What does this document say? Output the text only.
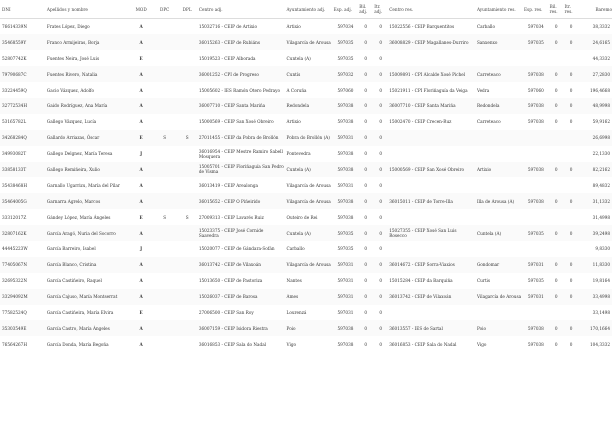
DNI	Apellidos y nombre	MOD	DPC	DPL	Centro adj.	Ayuntamiento adj.	Esp. adj.	Bil. adj.	Itr. adj.	Centro res.	Ayuntamiento res.	Esp. res.	Bil. res.	Itr. res.	Baremo
76614339N	Frates López, Diego	A			15032716 - CEIP de Artixio	Artixio	597034	0	0	15022556 - CEIP Barquentitos	Carballo	597034	0	0	38,3332
35468559Y	Franco Armijeiras, Borja	A			36015263 - CEIP de Rubiáns	Vilagarcía de Arousa	597035	0	0	36008829 - CEIP Magallanes-Durriro	Sanxenxo	597035	0	0	24,6165
52807742K	Fuentes Neira, José Luis	E			15019523 - CEIP Alborada	Cuntela (A)	597035	0	0						44,3332
79790687C	Fuentes Rivero, Natalia	A			36001252 - CPI de Progreso	Cuntís	597032	0	0	15009891 - CPI Alcalde Xosé Pichel	Carreteaco	597038	0	0	27,2830
33224459Q	Gacio Vázquez, Adolfo	A			15005602 - IES Ramón Otero Pedrayo	A Coruña	597060	0	0	15021911 - CPI Floriñaguía da Veiga	Vedra	597060	0	0	196,4668
32772534H	Gaido Rodríguez, Ana María	A			36007710 - CEIP Santa Mariña	Redondela	597038	0	0	36007710 - CEIP Santa Mariña	Redondela	597038	0	0	48,9998
53165782L	Gallego Vázquez, Lucía	A			15000569 - CEIP San Xosé Obreiro	Artixio	597038	0	0	15002470 - CEIP Crecen-Ruz	Carreteaco	597038	0	0	59,9162
34268284Q	Gallardo Arriazas, Óscar	E	S	S	27011455 - CEIP da Pobra de Brollón	Pobra do Brollón (A)	597031	0	0						26,6998
34993082T	Gallego Delgnez, María Teresa	J			36016954 - CEIP Mestre Ramiro Sabell Mosquera	Pontevedra	597038	0	0						22,1330
33858133T	Gallego Remiñeira, Xulio	A			15005701 - CEIP Floriñaguía San Pedro de Visma	Cuntela (A)	597038	0	0	15000569 - CEIP San Xosé Obreiro	Artixio	597038	0	0	82,2162
35438468H	Garnallo Ugarrizu, María del Pilar	A			36013419 - CEIP Arealonga	Vilagarcía de Arousa	597031	0	0						89,4832
35464005G	Garnarra Agrelo, Marcos	A			36015652 - CEIP O Piñeirido	Vilagarcía de Arousa	597038	0	0	36015011 - CEIP de Torre-Illa	Illa de Arousa (A)	597038	0	0	31,1332
33312017Z	Gándey López, María Ángeles	E	S	S	27009313 - CEIP Lavarés Ruiz	Outeiro de Rei	597038	0	0						31,4998
32807162K	García Aragó, Nuria del Socorro	A			15023375 - CEIP José Cornide Saavedra	Cuntela (A)	597035	0	0	15027355 - CEIP Xosé San Luis Rosecco	Cuntela (A)	597035	0	0	39,2498
44445223W	García Barreiro, Isabel	J			15020077 - CEIP de Gándara-Sofán	Carballo	597035	0	0						9,8330
77405067N	García Blanco, Cristina	A			36013742 - CEIP de Vilaxoán	Vilagarcía de Arousa	597031	0	0	36014672 - CEIP Sorra-Viaxios	Gondomar	597031	0	0	11,8330
32695322N	García Castiñeiro, Raquel	A			15013650 - CEIP de Pastoriza	Nantes	597031	0	0	15015284 - CEIP da Barquiña	Curtis	597035	0	0	19,8164
33294092M	García Cajuso, María Montserrat	A			15026037 - CEIP de Barosa	Ames	597031	0	0	36013742 - CEIP de Vilaxoán	Vilagarcía de Arousa	597031	0	0	33,4998
77582524Q	García Castiñeira, María Elvira	E			27006500 - CEIP San Roy	Lourenzá	597031	0	0						33,1498
35303549E	García Castro, María Ángeles	A			36007159 - CEIP Isidora Riestra	Poio	597038	0	0	36013557 - IES de Sartal	Poio	597038	0	0	170,1664
76564267H	García Donda, María Begoña	A			36016853 - CEIP Sala do Nadal	Vigo	597038	0	0	36016853 - CEIP Sala do Nadal	Vigo	597038	0	0	104,3332
